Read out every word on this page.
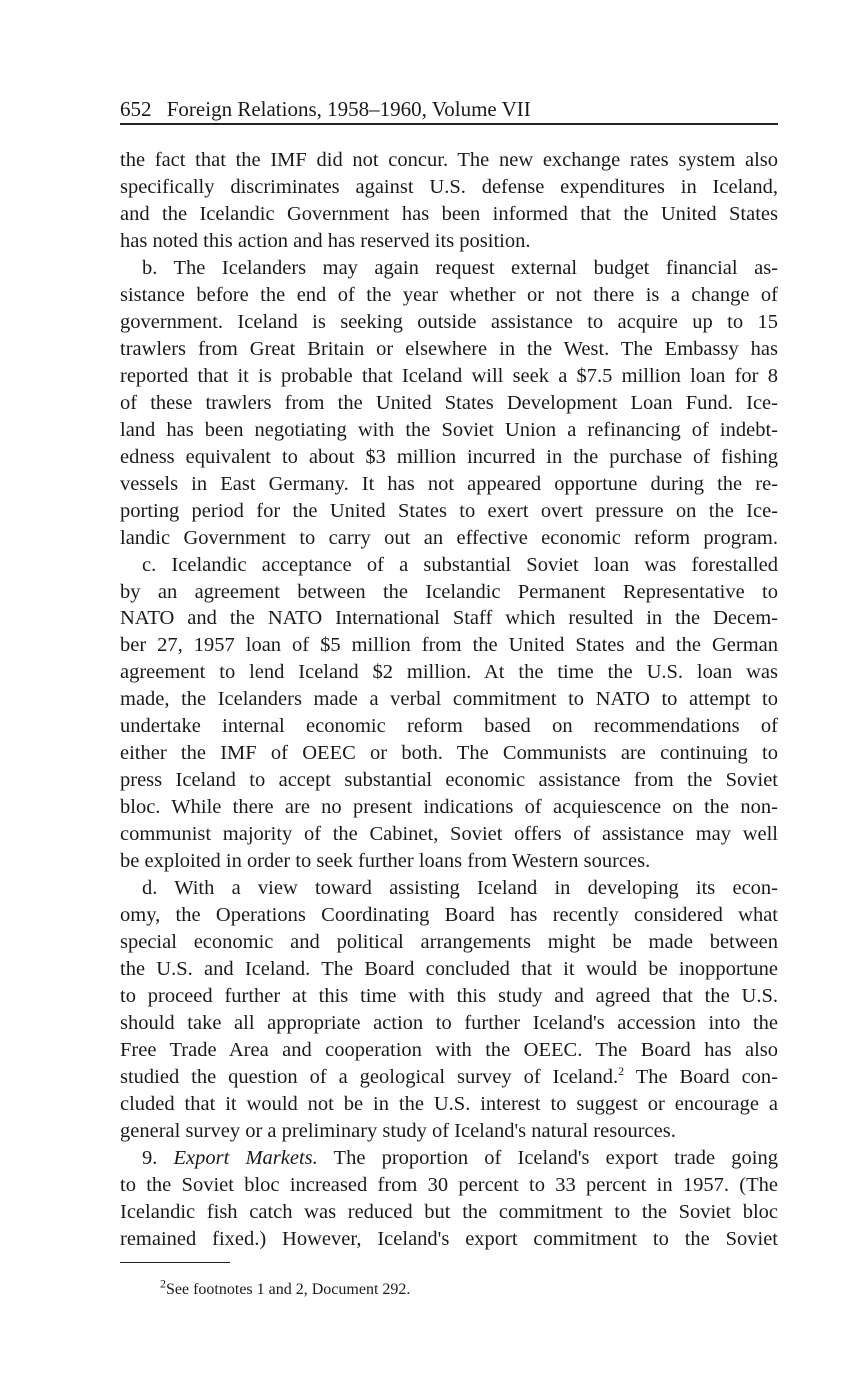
652 Foreign Relations, 1958–1960, Volume VII
the fact that the IMF did not concur. The new exchange rates system also
specifically discriminates against U.S. defense expenditures in Iceland,
and the Icelandic Government has been informed that the United States
has noted this action and has reserved its position.
b. The Icelanders may again request external budget financial as-
sistance before the end of the year whether or not there is a change of
government. Iceland is seeking outside assistance to acquire up to 15
trawlers from Great Britain or elsewhere in the West. The Embassy has
reported that it is probable that Iceland will seek a $7.5 million loan for 8
of these trawlers from the United States Development Loan Fund. Ice-
land has been negotiating with the Soviet Union a refinancing of indebt-
edness equivalent to about $3 million incurred in the purchase of fishing
vessels in East Germany. It has not appeared opportune during the re-
porting period for the United States to exert overt pressure on the Ice-
landic Government to carry out an effective economic reform program.
c. Icelandic acceptance of a substantial Soviet loan was forestalled
by an agreement between the Icelandic Permanent Representative to
NATO and the NATO International Staff which resulted in the Decem-
ber 27, 1957 loan of $5 million from the United States and the German
agreement to lend Iceland $2 million. At the time the U.S. loan was
made, the Icelanders made a verbal commitment to NATO to attempt to
undertake internal economic reform based on recommendations of
either the IMF of OEEC or both. The Communists are continuing to
press Iceland to accept substantial economic assistance from the Soviet
bloc. While there are no present indications of acquiescence on the non-
communist majority of the Cabinet, Soviet offers of assistance may well
be exploited in order to seek further loans from Western sources.
d. With a view toward assisting Iceland in developing its econ-
omy, the Operations Coordinating Board has recently considered what
special economic and political arrangements might be made between
the U.S. and Iceland. The Board concluded that it would be inopportune
to proceed further at this time with this study and agreed that the U.S.
should take all appropriate action to further Iceland's accession into the
Free Trade Area and cooperation with the OEEC. The Board has also
studied the question of a geological survey of Iceland.$^2$ The Board con-
cluded that it would not be in the U.S. interest to suggest or encourage a
general survey or a preliminary study of Iceland's natural resources.
9. Export Markets. The proportion of Iceland's export trade going
to the Soviet bloc increased from 30 percent to 33 percent in 1957. (The
Icelandic fish catch was reduced but the commitment to the Soviet bloc
remained fixed.) However, Iceland's export commitment to the Soviet
$^2$See footnotes 1 and 2, Document 292.
